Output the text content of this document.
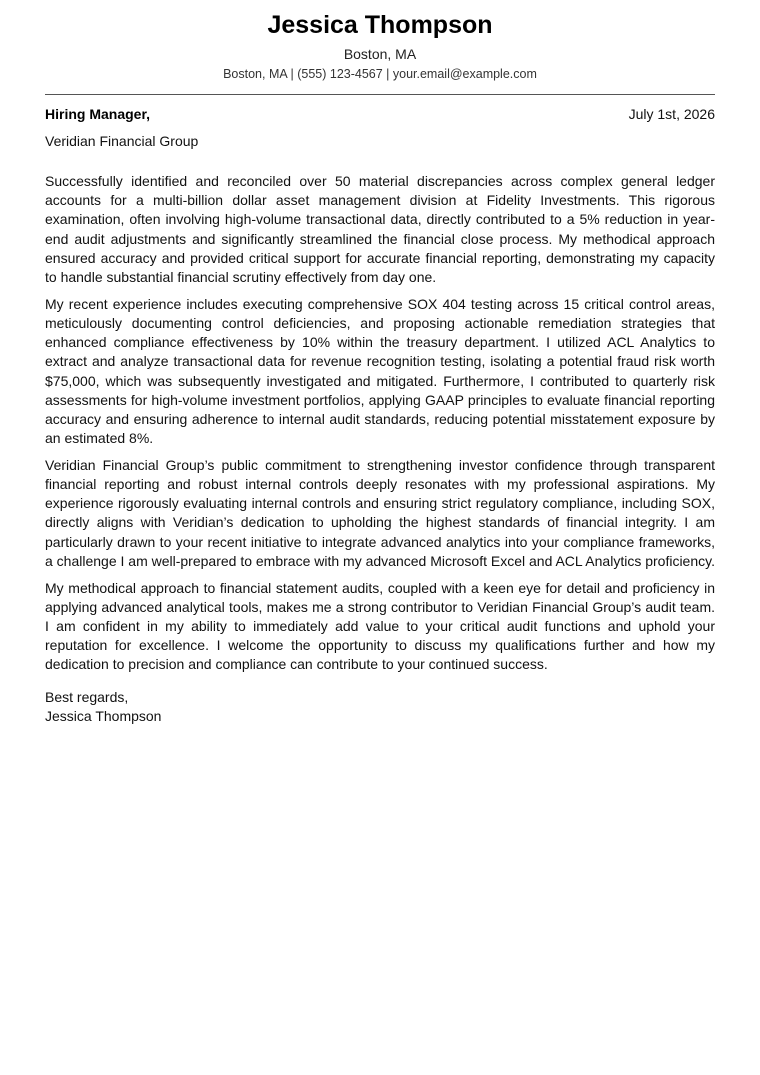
Jessica Thompson
Boston, MA
Boston, MA | (555) 123-4567 | your.email@example.com
Hiring Manager,	July 1st, 2026
Veridian Financial Group

Successfully identified and reconciled over 50 material discrepancies across complex general ledger accounts for a multi-billion dollar asset management division at Fidelity Investments. This rigorous examination, often involving high-volume transactional data, directly contributed to a 5% reduction in year-end audit adjustments and significantly streamlined the financial close process. My methodical approach ensured accuracy and provided critical support for accurate financial reporting, demonstrating my capacity to handle substantial financial scrutiny effectively from day one.

My recent experience includes executing comprehensive SOX 404 testing across 15 critical control areas, meticulously documenting control deficiencies, and proposing actionable remediation strategies that enhanced compliance effectiveness by 10% within the treasury department. I utilized ACL Analytics to extract and analyze transactional data for revenue recognition testing, isolating a potential fraud risk worth $75,000, which was subsequently investigated and mitigated. Furthermore, I contributed to quarterly risk assessments for high-volume investment portfolios, applying GAAP principles to evaluate financial reporting accuracy and ensuring adherence to internal audit standards, reducing potential misstatement exposure by an estimated 8%.

Veridian Financial Group’s public commitment to strengthening investor confidence through transparent financial reporting and robust internal controls deeply resonates with my professional aspirations. My experience rigorously evaluating internal controls and ensuring strict regulatory compliance, including SOX, directly aligns with Veridian’s dedication to upholding the highest standards of financial integrity. I am particularly drawn to your recent initiative to integrate advanced analytics into your compliance frameworks, a challenge I am well-prepared to embrace with my advanced Microsoft Excel and ACL Analytics proficiency.

My methodical approach to financial statement audits, coupled with a keen eye for detail and proficiency in applying advanced analytical tools, makes me a strong contributor to Veridian Financial Group’s audit team. I am confident in my ability to immediately add value to your critical audit functions and uphold your reputation for excellence. I welcome the opportunity to discuss my qualifications further and how my dedication to precision and compliance can contribute to your continued success.

Best regards,
Jessica Thompson
